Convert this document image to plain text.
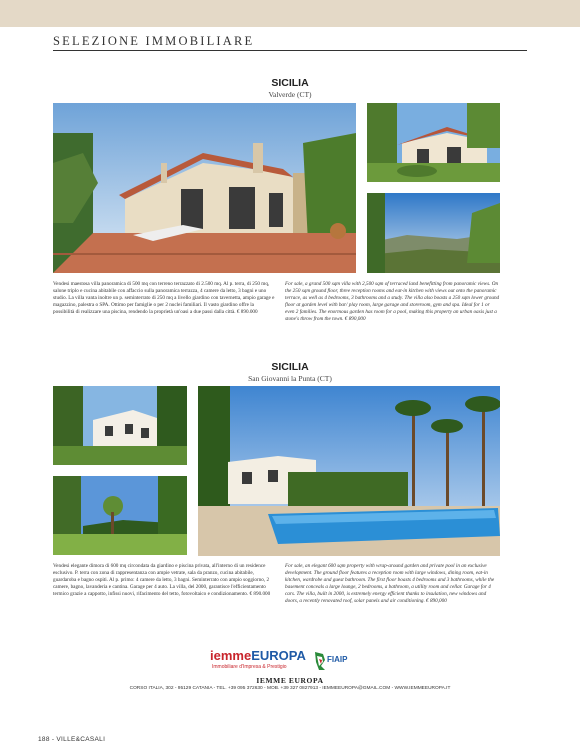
SELEZIONE IMMOBILIARE
SICILIA
Valverde (CT)
Vendesi maestosa villa panoramica di 500 mq con terreno terrazzato di 2.500 mq. Al p. terra, di 250 mq, salone triplo e cucina abitabile con affaccio sulla panoramica terrazza, 4 camere da letto, 3 bagni e uno studio. La villa vanta inoltre un p. seminterrato di 250 mq a livello giardino con tavernetta, ampio garage e magazzino, palestra o SPA. Ottimo per famiglie o per 2 nuclei familiari. Il vasto giardino offre la possibilità di realizzare una piscina, rendendo la proprietà un'oasi a due passi dalla città. € 890.000
For sale, a grand 500 sqm villa with 2,500 sqm of terraced land benefitting from panoramic views. On the 250 sqm ground floor, three reception rooms and eat-in kitchen with views out onto the panoramic terrace, as well as 4 bedrooms, 3 bathrooms and a study. The villa also boasts a 250 sqm lower ground floor at garden level with bar/ play room, large garage and storeroom, gym and spa. Ideal for 1 or even 2 families. The enormous garden has room for a pool, making this property an urban oasis just a stone's throw from the town. € 890,000
SICILIA
San Giovanni la Punta (CT)
Vendesi elegante dimora di 600 mq circondata da giardino e piscina privata, all'interno di un residence esclusivo. P. terra con zona di rappresentanza con ampie vetrate, sala da pranzo, cucina abitabile, guardaroba e bagno ospiti. Al p. primo: 4 camere da letto, 3 bagni. Seminterrato con ampio soggiorno, 2 camere, bagno, lavanderia e cantina. Garage per 4 auto. La villa, del 2000, garantisce l'efficientamento termico grazie a cappotto, infissi nuovi, rifacimento del tetto, fotovoltaico e condizionamento. € 890.000
For sale, an elegant 600 sqm property with wrap-around garden and private pool in an exclusive development. The ground floor features a reception room with large windows, dining room, eat-in kitchen, wardrobe and guest bathroom. The first floor boasts 4 bedrooms and 3 bathrooms, while the basement conceals a large lounge, 2 bedrooms, a bathroom, a utility room and cellar. Garage for 4 cars. The villa, built in 2000, is extremely energy efficient thanks to insulation, new windows and doors, a recently renovated roof, solar panels and air conditioning. € 890,000
iemmeEUROPA
Immobiliare d'Impresa & Prestigio
FIAIP
IEMME EUROPA
CORSO ITALIA, 302 - 95129 CATANIA - TEL. +39 095 372630 - MOB. +39 327 0827913 - IEMMEEUROPA@GMAIL.COM - WWW.IEMMEEUROPA.IT
188 - VILLE&CASALI
